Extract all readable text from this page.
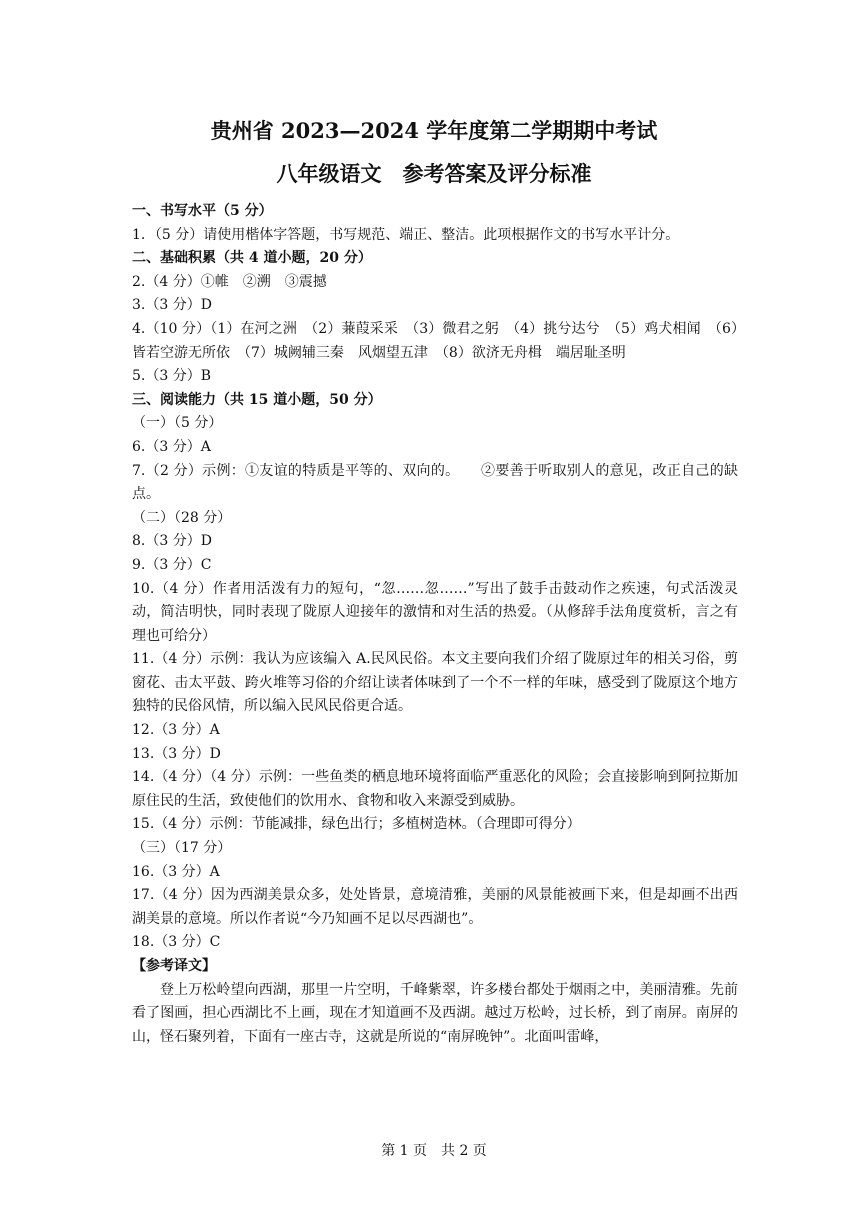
贵州省 2023—2024 学年度第二学期期中考试
八年级语文　参考答案及评分标准
一、书写水平（5 分）
1．（5 分）请使用楷体字答题，书写规范、端正、整洁。此项根据作文的书写水平计分。
二、基础积累（共 4 道小题，20 分）
2.（4 分）①帷　②溯　③震撼
3.（3 分）D

4.（10 分）（1）在河之洲　（2）蒹葭采采　（3）微君之躬　（4）挑兮达兮　（5）鸡犬相闻　（6）皆若空游无所依　（7）城阙辅三秦　风烟望五津　（8）欲济无舟楫　端居耻圣明

5.（3 分）B
三、阅读能力（共 15 道小题，50 分）
（一）（5 分）
6.（3 分）A

7.（2 分）示例：①友谊的特质是平等的、双向的。　　②要善于听取别人的意见，改正自己的缺点。

（二）（28 分）
8.（3 分）D
9.（3 分）C

10.（4 分）作者用活泼有力的短句，“忽……忽……”写出了鼓手击鼓动作之疾速，句式活泼灵动，简洁明快，同时表现了陇原人迎接年的激情和对生活的热爱。（从修辞手法角度赏析，言之有理也可给分）

11.（4 分）示例：我认为应该编入 A.民风民俗。本文主要向我们介绍了陇原过年的相关习俗，剪窗花、击太平鼓、跨火堆等习俗的介绍让读者体味到了一个不一样的年味，感受到了陇原这个地方独特的民俗风情，所以编入民风民俗更合适。

12.（3 分）A
13.（3 分）D

14.（4 分）（4 分）示例：一些鱼类的栖息地环境将面临严重恶化的风险；会直接影响到阿拉斯加原住民的生活，致使他们的饮用水、食物和收入来源受到威胁。

15.（4 分）示例：节能减排，绿色出行；多植树造林。（合理即可得分）
（三）（17 分）
16.（3 分）A

17.（4 分）因为西湖美景众多，处处皆景，意境清雅，美丽的风景能被画下来，但是却画不出西湖美景的意境。所以作者说“今乃知画不足以尽西湖也”。

18.（3 分）C
【参考译文】

登上万松岭望向西湖，那里一片空明，千峰紫翠，许多楼台都处于烟雨之中，美丽清雅。先前看了图画，担心西湖比不上画，现在才知道画不及西湖。越过万松岭，过长桥，到了南屏。南屏的山，怪石聚列着，下面有一座古寺，这就是所说的“南屏晚钟”。北面叫雷峰，

第 1 页　共 2 页
